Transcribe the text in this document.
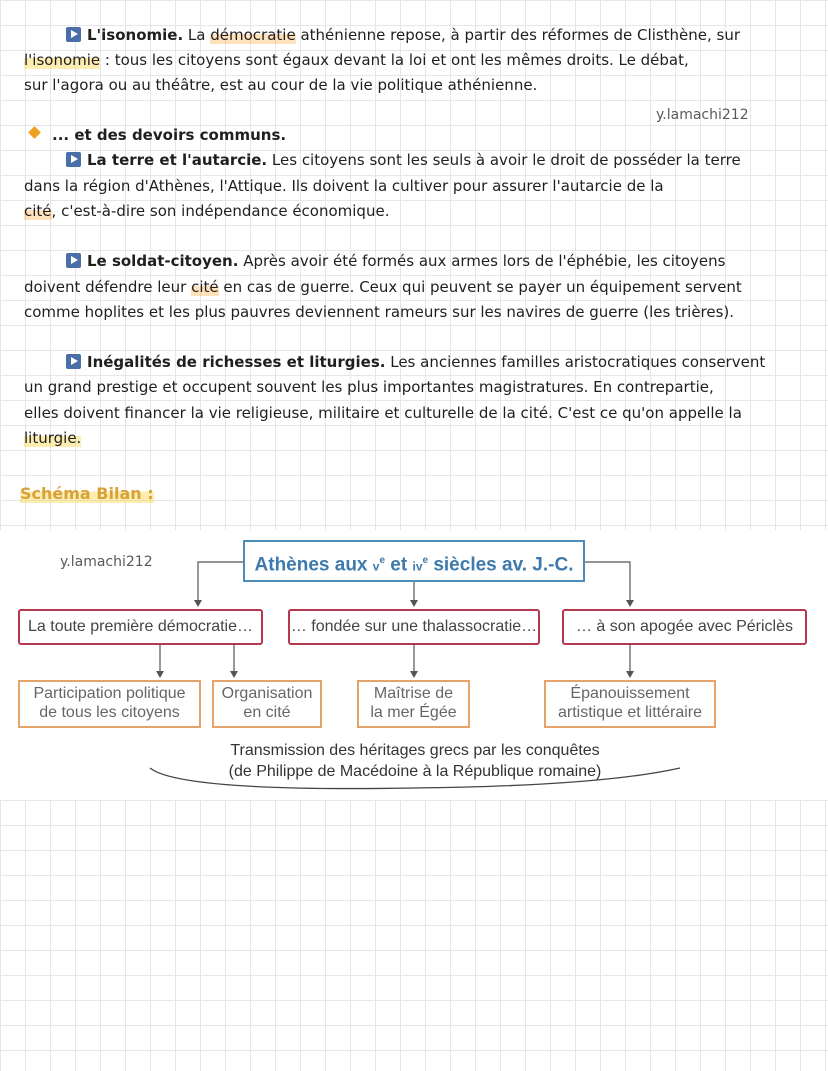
L'isonomie. La démocratie athénienne repose, à partir des réformes de Clisthène, sur
l'isonomie : tous les citoyens sont égaux devant la loi et ont les mêmes droits. Le débat,
sur l'agora ou au théâtre, est au cour de la vie politique athénienne.
y.lamachi212
... et des devoirs communs.
La terre et l'autarcie. Les citoyens sont les seuls à avoir le droit de posséder la terre
dans la région d'Athènes, l'Attique. Ils doivent la cultiver pour assurer l'autarcie de la
cité, c'est-à-dire son indépendance économique.
Le soldat-citoyen. Après avoir été formés aux armes lors de l'éphébie, les citoyens
doivent défendre leur cité en cas de guerre. Ceux qui peuvent se payer un équipement servent
comme hoplites et les plus pauvres deviennent rameurs sur les navires de guerre (les trières).
Inégalités de richesses et liturgies. Les anciennes familles aristocratiques conservent
un grand prestige et occupent souvent les plus importantes magistratures. En contrepartie,
elles doivent financer la vie religieuse, militaire et culturelle de la cité. C'est ce qu'on appelle la
liturgie.
Schéma Bilan :
y.lamachi212	Athènes aux $v^e$ et $iv^e$ siècles av. J.-C.
La toute première démocratie…	… fondée sur une thalassocratie…	… à son apogée avec Périclès
Participation politique
de tous les citoyens
Organisation
en cité
Maîtrise de
la mer Égée
Épanouissement
artistique et littéraire
Transmission des héritages grecs par les conquêtes
(de Philippe de Macédoine à la République romaine)
